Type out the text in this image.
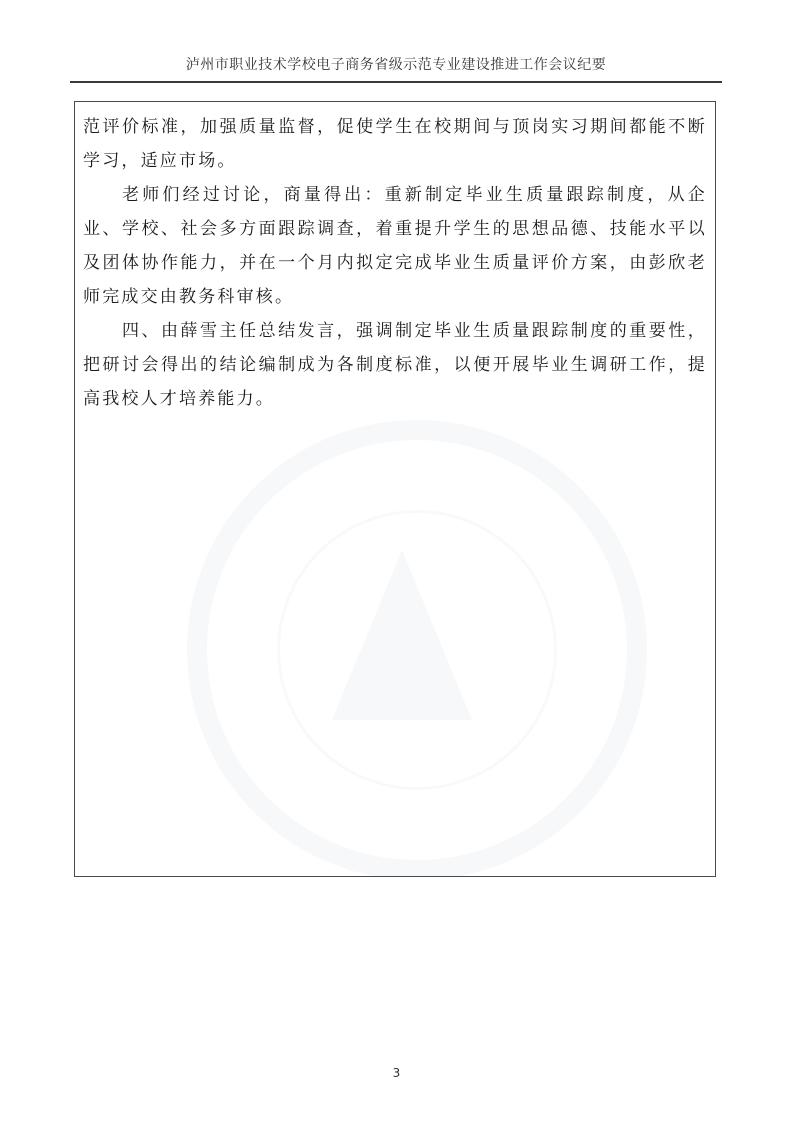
泸州市职业技术学校电子商务省级示范专业建设推进工作会议纪要

范评价标准，加强质量监督，促使学生在校期间与顶岗实习期间都能不断学习，适应市场。

老师们经过讨论，商量得出：重新制定毕业生质量跟踪制度，从企业、学校、社会多方面跟踪调查，着重提升学生的思想品德、技能水平以及团体协作能力，并在一个月内拟定完成毕业生质量评价方案，由彭欣老师完成交由教务科审核。

四、由薛雪主任总结发言，强调制定毕业生质量跟踪制度的重要性，把研讨会得出的结论编制成为各制度标准，以便开展毕业生调研工作，提高我校人才培养能力。

3
